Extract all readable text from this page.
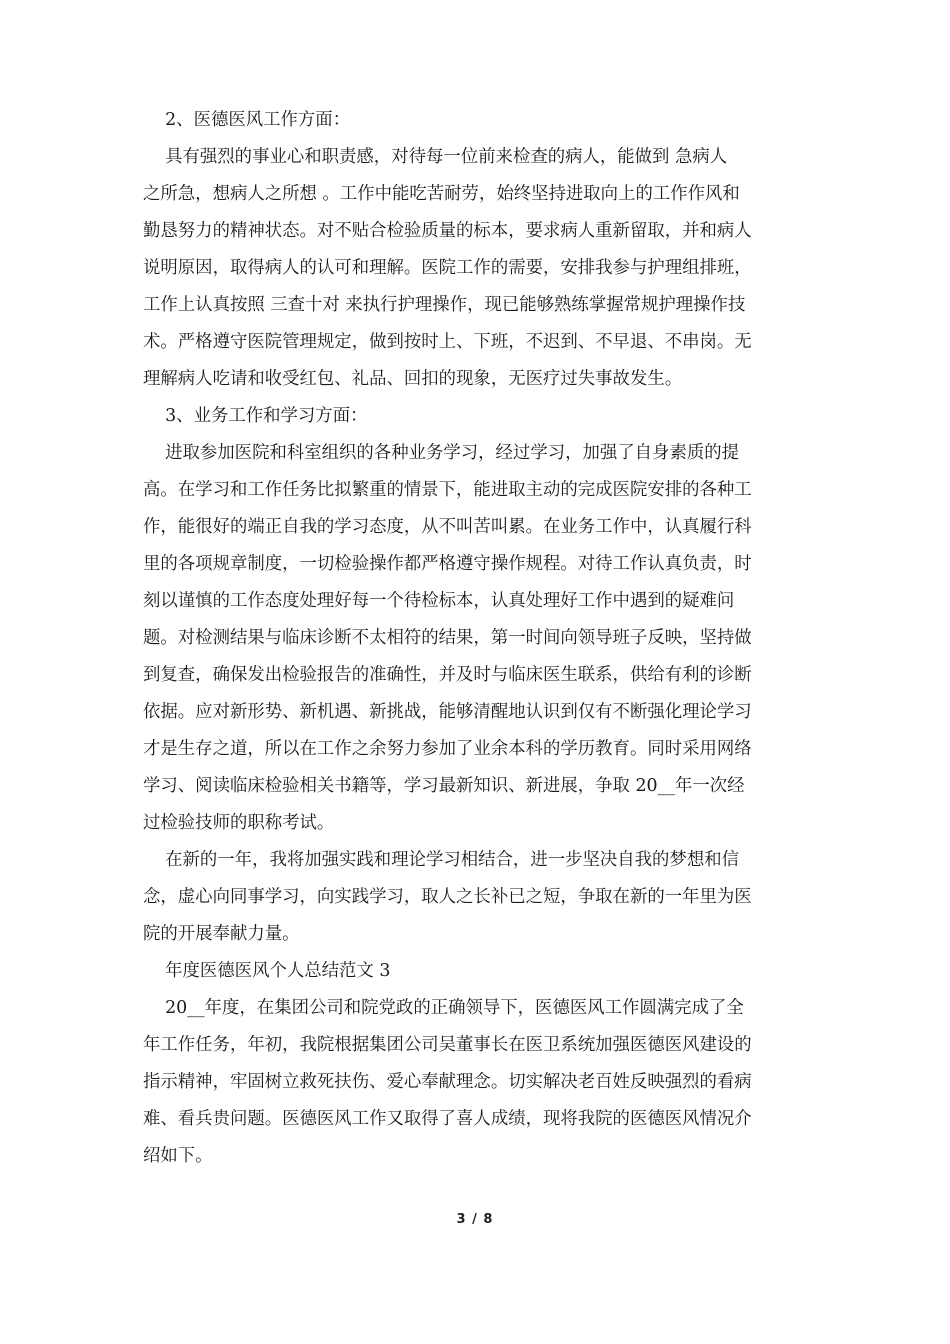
2、医德医风工作方面：
具有强烈的事业心和职责感，对待每一位前来检查的病人，能做到 急病人
之所急，想病人之所想 。工作中能吃苦耐劳，始终坚持进取向上的工作作风和
勤恳努力的精神状态。对不贴合检验质量的标本，要求病人重新留取，并和病人
说明原因，取得病人的认可和理解。医院工作的需要，安排我参与护理组排班，
工作上认真按照 三查十对 来执行护理操作，现已能够熟练掌握常规护理操作技
术。严格遵守医院管理规定，做到按时上、下班，不迟到、不早退、不串岗。无
理解病人吃请和收受红包、礼品、回扣的现象，无医疗过失事故发生。
3、业务工作和学习方面：
进取参加医院和科室组织的各种业务学习，经过学习，加强了自身素质的提
高。在学习和工作任务比拟繁重的情景下，能进取主动的完成医院安排的各种工
作，能很好的端正自我的学习态度，从不叫苦叫累。在业务工作中，认真履行科
里的各项规章制度，一切检验操作都严格遵守操作规程。对待工作认真负责，时
刻以谨慎的工作态度处理好每一个待检标本，认真处理好工作中遇到的疑难问
题。对检测结果与临床诊断不太相符的结果，第一时间向领导班子反映，坚持做
到复查，确保发出检验报告的准确性，并及时与临床医生联系，供给有利的诊断
依据。应对新形势、新机遇、新挑战，能够清醒地认识到仅有不断强化理论学习
才是生存之道，所以在工作之余努力参加了业余本科的学历教育。同时采用网络
学习、阅读临床检验相关书籍等，学习最新知识、新进展，争取 20__年一次经
过检验技师的职称考试。
在新的一年，我将加强实践和理论学习相结合，进一步坚决自我的梦想和信
念，虚心向同事学习，向实践学习，取人之长补已之短，争取在新的一年里为医
院的开展奉献力量。
年度医德医风个人总结范文 3
20__年度，在集团公司和院党政的正确领导下，医德医风工作圆满完成了全
年工作任务，年初，我院根据集团公司吴董事长在医卫系统加强医德医风建设的
指示精神，牢固树立救死扶伤、爱心奉献理念。切实解决老百姓反映强烈的看病
难、看兵贵问题。医德医风工作又取得了喜人成绩，现将我院的医德医风情况介
绍如下。
3 / 8
